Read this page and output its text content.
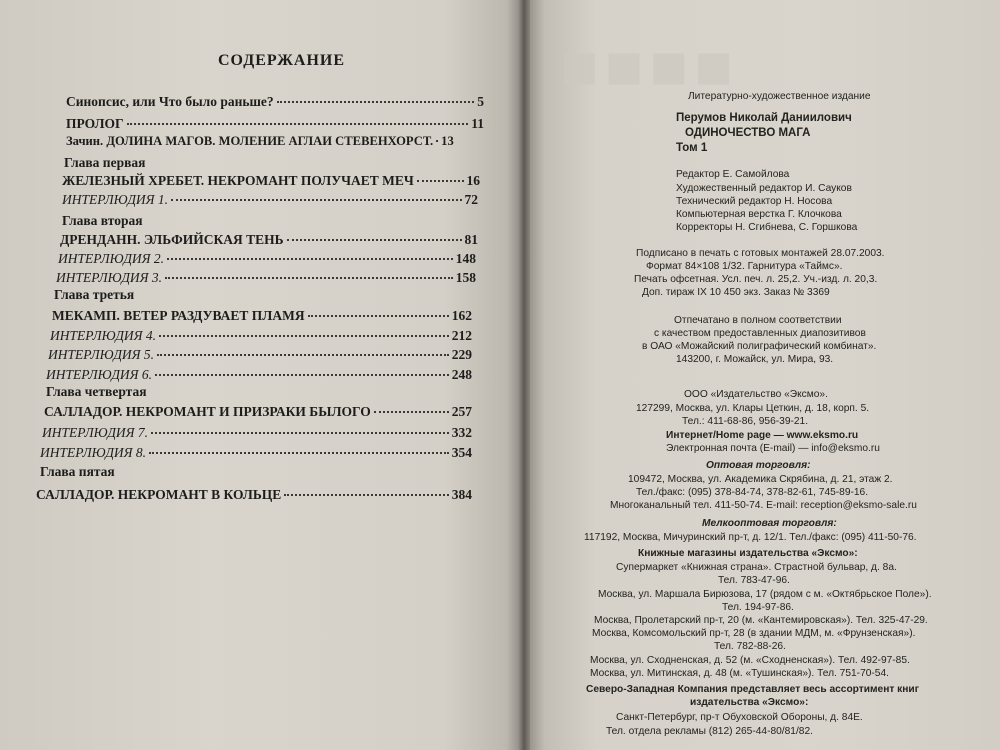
СОДЕРЖАНИЕ
Синопсис, или Что было раньше?	5
ПРОЛОГ	11
Зачин. ДОЛИНА МАГОВ. МОЛЕНИЕ АГЛАИ СТЕВЕНХОРСТ. 13
Глава первая
ЖЕЛЕЗНЫЙ ХРЕБЕТ. НЕКРОМАНТ ПОЛУЧАЕТ МЕЧ	16
ИНТЕРЛЮДИЯ 1.	72
Глава вторая
ДРЕНДАНН. ЭЛЬФИЙСКАЯ ТЕНЬ	81
ИНТЕРЛЮДИЯ 2.	148
ИНТЕРЛЮДИЯ 3.	158
Глава третья
МЕКАМП. ВЕТЕР РАЗДУВАЕТ ПЛАМЯ	162
ИНТЕРЛЮДИЯ 4.	212
ИНТЕРЛЮДИЯ 5.	229
ИНТЕРЛЮДИЯ 6.	248
Глава четвертая
САЛЛАДОР. НЕКРОМАНТ И ПРИЗРАКИ БЫЛОГО	257
ИНТЕРЛЮДИЯ 7.	332
ИНТЕРЛЮДИЯ 8.	354
Глава пятая
САЛЛАДОР. НЕКРОМАНТ В КОЛЬЦЕ	384
■■■■
Литературно-художественное издание
Перумов Николай Даниилович
ОДИНОЧЕСТВО МАГА
Том 1
Редактор Е. Самойлова
Художественный редактор И. Сауков
Технический редактор Н. Носова
Компьютерная верстка Г. Клочкова
Корректоры Н. Сгибнева, С. Горшкова
Подписано в печать с готовых монтажей 28.07.2003.
Формат 84×108 1/32. Гарнитура «Таймс».
Печать офсетная. Усл. печ. л. 25,2. Уч.-изд. л. 20,3.
Доп. тираж IX 10 450 экз. Заказ № 3369
Отпечатано в полном соответствии
с качеством предоставленных диапозитивов
в ОАО «Можайский полиграфический комбинат».
143200, г. Можайск, ул. Мира, 93.
ООО «Издательство «Эксмо».
127299, Москва, ул. Клары Цеткин, д. 18, корп. 5.
Тел.: 411-68-86, 956-39-21.
Интернет/Home page — www.eksmo.ru
Электронная почта (E-mail) — info@eksmo.ru
Оптовая торговля:
109472, Москва, ул. Академика Скрябина, д. 21, этаж 2.
Тел./факс: (095) 378-84-74, 378-82-61, 745-89-16.
Многоканальный тел. 411-50-74. E-mail: reception@eksmo-sale.ru
Мелкооптовая торговля:
117192, Москва, Мичуринский пр-т, д. 12/1. Тел./факс: (095) 411-50-76.
Книжные магазины издательства «Эксмо»:
Супермаркет «Книжная страна». Страстной бульвар, д. 8а.
Тел. 783-47-96.
Москва, ул. Маршала Бирюзова, 17 (рядом с м. «Октябрьское Поле»).
Тел. 194-97-86.
Москва, Пролетарский пр-т, 20 (м. «Кантемировская»). Тел. 325-47-29.
Москва, Комсомольский пр-т, 28 (в здании МДМ, м. «Фрунзенская»).
Тел. 782-88-26.
Москва, ул. Сходненская, д. 52 (м. «Сходненская»). Тел. 492-97-85.
Москва, ул. Митинская, д. 48 (м. «Тушинская»). Тел. 751-70-54.
Северо-Западная Компания представляет весь ассортимент книг
издательства «Эксмо»:
Санкт-Петербург, пр-т Обуховской Обороны, д. 84Е.
Тел. отдела рекламы (812) 265-44-80/81/82.
